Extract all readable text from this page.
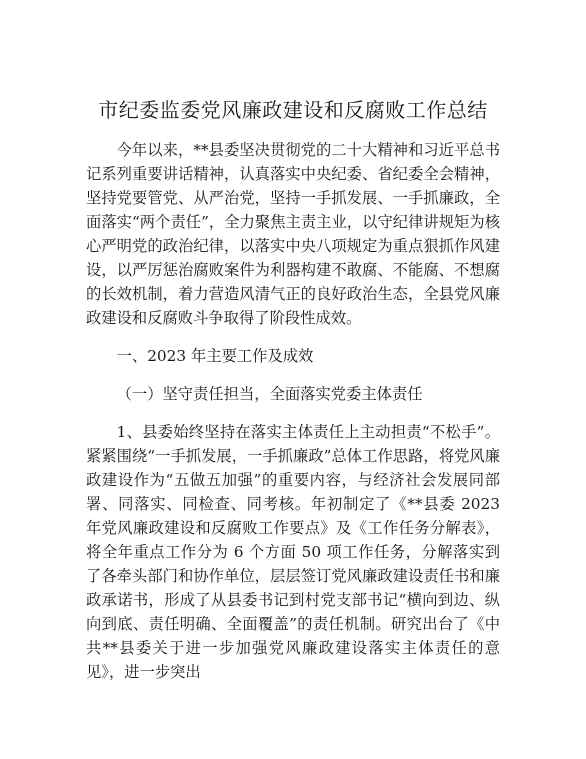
市纪委监委党风廉政建设和反腐败工作总结

今年以来，**县委坚决贯彻党的二十大精神和习近平总书记系列重要讲话精神，认真落实中央纪委、省纪委全会精神，坚持党要管党、从严治党，坚持一手抓发展、一手抓廉政，全面落实“两个责任”，全力聚焦主责主业，以守纪律讲规矩为核心严明党的政治纪律，以落实中央八项规定为重点狠抓作风建设，以严厉惩治腐败案件为利器构建不敢腐、不能腐、不想腐的长效机制，着力营造风清气正的良好政治生态，全县党风廉政建设和反腐败斗争取得了阶段性成效。

一、2023 年主要工作及成效

（一）坚守责任担当，全面落实党委主体责任

1、县委始终坚持在落实主体责任上主动担责“不松手”。紧紧围绕“一手抓发展，一手抓廉政”总体工作思路，将党风廉政建设作为“五做五加强”的重要内容，与经济社会发展同部署、同落实、同检查、同考核。年初制定了《**县委 2023 年党风廉政建设和反腐败工作要点》及《工作任务分解表》，将全年重点工作分为 6 个方面 50 项工作任务，分解落实到了各牵头部门和协作单位，层层签订党风廉政建设责任书和廉政承诺书，形成了从县委书记到村党支部书记“横向到边、纵向到底、责任明确、全面覆盖”的责任机制。研究出台了《中共**县委关于进一步加强党风廉政建设落实主体责任的意见》，进一步突出
